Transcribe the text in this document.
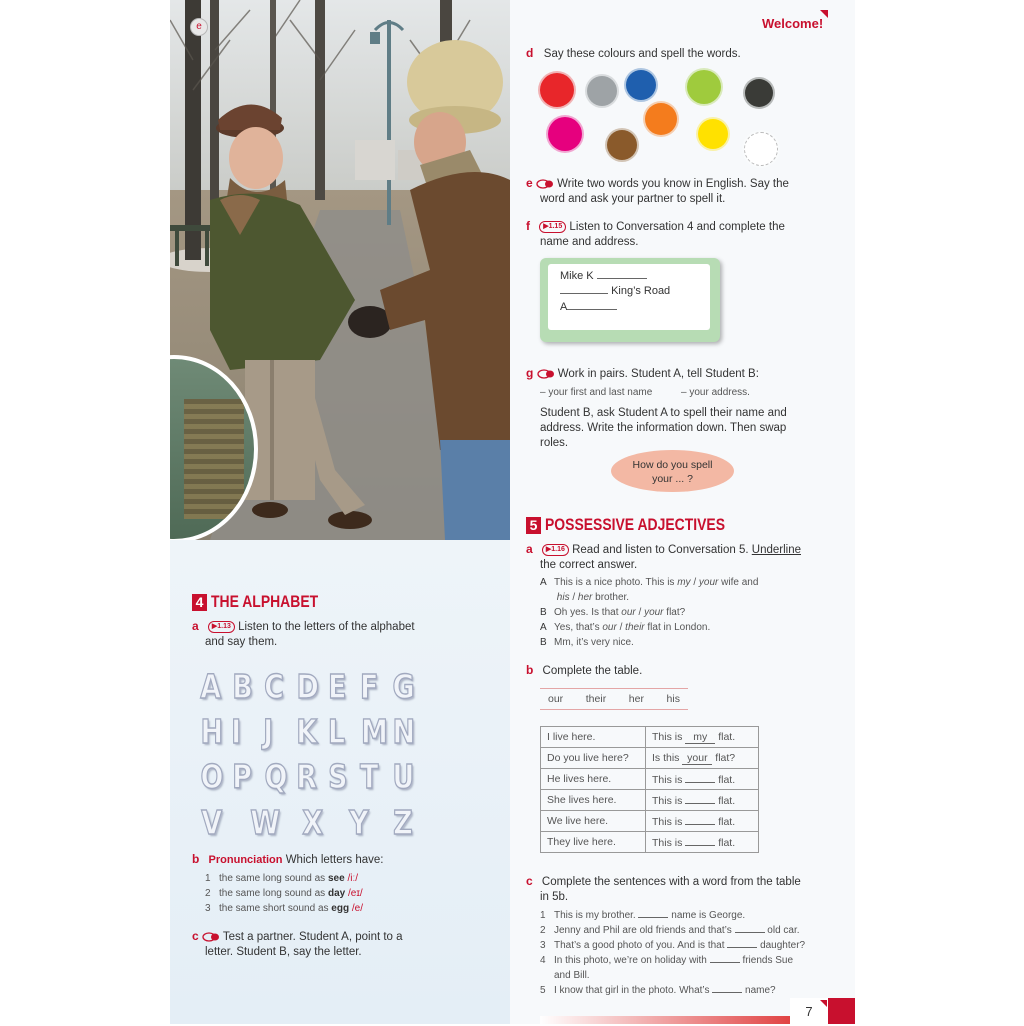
e	Welcome!
d Say these colours and spell the words.
e Write two words you know in English. Say the
word and ask your partner to spell it.
f ▶1.15 Listen to Conversation 4 and complete the
name and address.
Mike K
King’s Road
A
g Work in pairs. Student A, tell Student B:
– your first and last name	– your address.
Student B, ask Student A to spell their name and
address. Write the information down. Then swap
roles.
How do you spell
your ... ?
5 POSSESSIVE ADJECTIVES
a ▶1.16 Read and listen to Conversation 5. Underline
the correct answer.
A This is a nice photo. This is my / your wife and
his / her brother.
B Oh yes. Is that our / your flat?
A Yes, that’s our / their flat in London.
B Mm, it’s very nice.
b Complete the table.
our their her his
I live here.	This is my flat.
Do you live here?	Is this your flat?
He lives here.	This is flat.
She lives here.	This is flat.
We live here.	This is flat.
They live here.	This is flat.
c Complete the sentences with a word from the table
in 5b.
1 This is my brother.	name is George.
2 Jenny and Phil are old friends and that’s	old car.
3 That’s a good photo of you. And is that	daughter?
4 In this photo, we’re on holiday with	friends Sue
and Bill.
5 I know that girl in the photo. What’s	name?
4 THE ALPHABET
a ▶1.13 Listen to the letters of the alphabet
and say them.
A B C D E F G
H I J K L M N
O P Q R S T U
V W X Y Z
b Pronunciation Which letters have:
1 the same long sound as see /iː/
2 the same long sound as day /eɪ/
3 the same short sound as egg /e/
c Test a partner. Student A, point to a
letter. Student B, say the letter.
7
